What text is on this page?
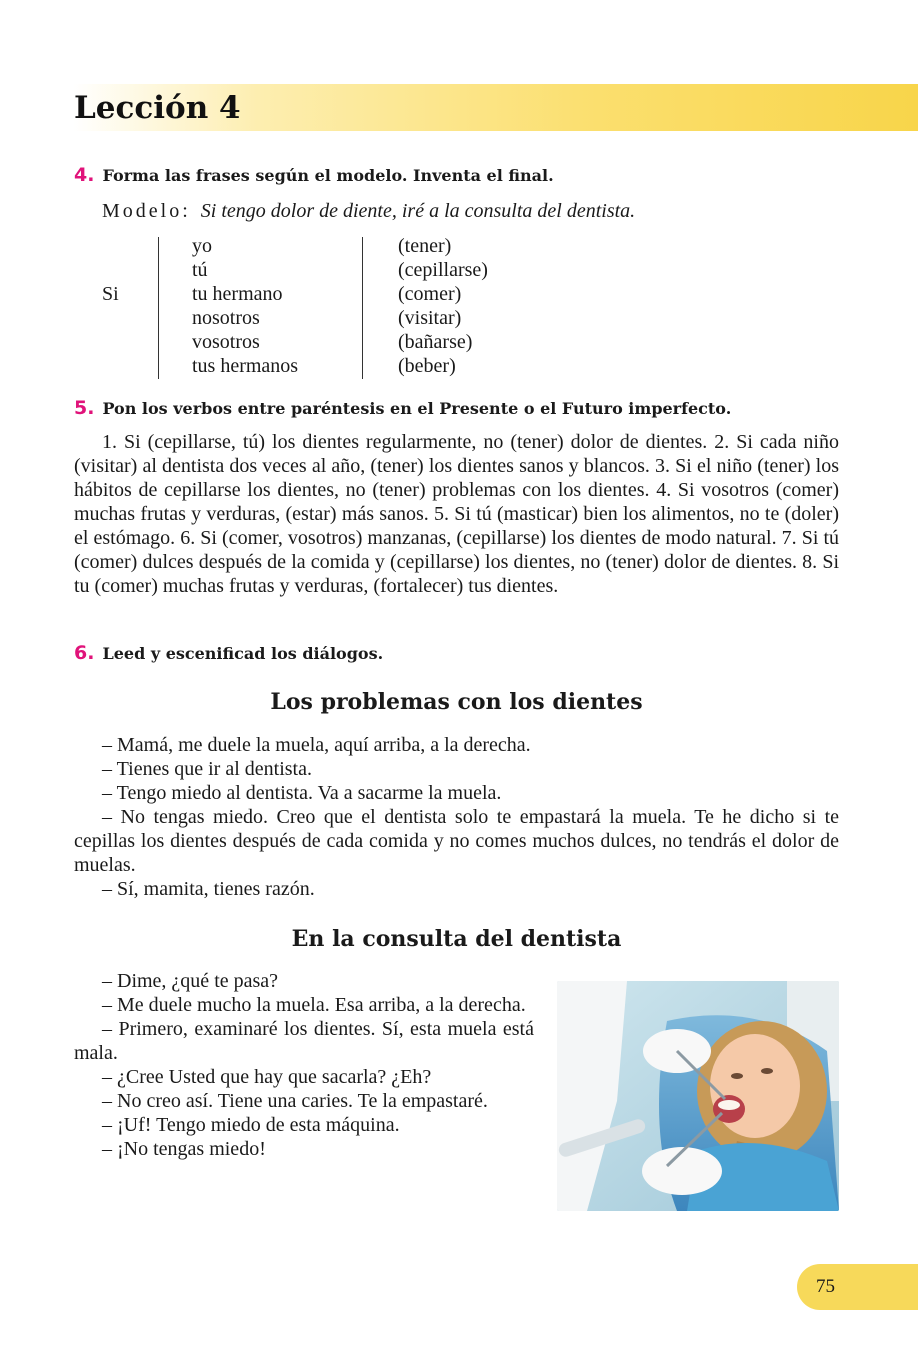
Lección 4
4. Forma las frases según el modelo. Inventa el final.
Modelo: Si tengo dolor de diente, iré a la consulta del dentista.
Si
yo
tú
tu hermano
nosotros
vosotros
tus hermanos
(tener)
(cepillarse)
(comer)
(visitar)
(bañarse)
(beber)
5. Pon los verbos entre paréntesis en el Presente o el Futuro imperfecto.

1. Si (cepillarse, tú) los dientes regularmente, no (tener) dolor de dientes. 2. Si cada niño (visitar) al dentista dos veces al año, (tener) los dientes sanos y blancos. 3. Si el niño (tener) los hábitos de cepillarse los dientes, no (tener) problemas con los dientes. 4. Si vosotros (comer) muchas frutas y verduras, (estar) más sanos. 5. Si tú (masticar) bien los alimentos, no te (doler) el estómago. 6. Si (comer, vosotros) manzanas, (cepillarse) los dientes de modo natural. 7. Si tú (comer) dulces después de la comida y (cepillarse) los dientes, no (tener) dolor de dientes. 8. Si tu (comer) muchas frutas y verduras, (fortalecer) tus dientes.

6. Leed y escenificad los diálogos.
Los problemas con los dientes

– Mamá, me duele la muela, aquí arriba, a la derecha.

– Tienes que ir al dentista.

– Tengo miedo al dentista. Va a sacarme la muela.

– No tengas miedo. Creo que el dentista solo te empastará la muela. Te he dicho si te cepillas los dientes después de cada comida y no comes muchos dulces, no tendrás el dolor de muelas.

– Sí, mamita, tienes razón.

En la consulta del dentista

– Dime, ¿qué te pasa?

– Me duele mucho la muela. Esa arriba, a la derecha.

– Primero, examinaré los dientes. Sí, esta muela está mala.

– ¿Cree Usted que hay que sacarla? ¿Eh?

– No creo así. Tiene una caries. Te la empastaré.

– ¡Uf! Tengo miedo de esta máquina.

– ¡No tengas miedo!

75
